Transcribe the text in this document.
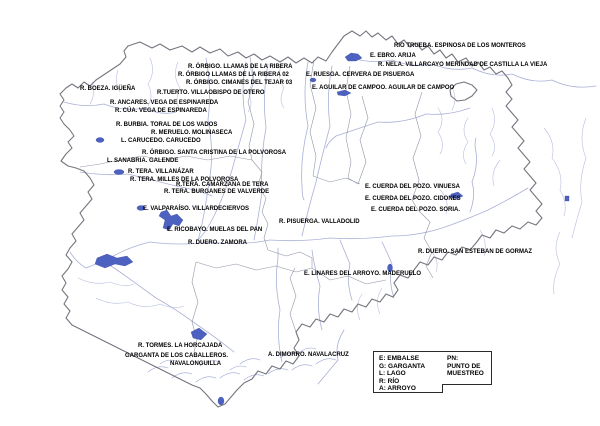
RIO TRUEBA. ESPINOSA DE LOS MONTEROS
E. EBRO. ARIJA
R. NELA. VILLARCAYO MERINDAD DE CASTILLA LA VIEJA
E. RUESGA. CERVERA DE PISUERGA
E. AGUILAR DE CAMPOO. AGUILAR DE CAMPOO
R. ÓRBIGO. LLAMAS DE LA RIBERA
R. ÓRBIGO LLAMAS DE LA RIBERA 02
R. ÓRBIGO. CIMANES DEL TEJAR 03
R. BOEZA. IGÜEÑA
R.TUERTO. VILLAOBISPO DE OTERO
R. ANCARES. VEGA DE ESPINAREDA
R. CÚA. VEGA DE ESPINAREDA
R. BURBIA. TORAL DE LOS VADOS
R. MERUELO. MOLINASECA
L. CARUCEDO. CARUCEDO
R. ÓRBIGO. SANTA CRISTINA DE LA POLVOROSA
L. SANABRIA. GALENDE
R. TERA. VILLANÁZAR
R. TERA. MILLES DE LA POLVOROSA
R.TERA. CAMARZANA DE TERA
R. TERA. BURGANES DE VALVERDE
E. VALPARAÍSO. VILLARDECIERVOS
E. RICOBAYO. MUELAS DEL PAN
R. DUERO. ZAMORA
E. CUERDA DEL POZO. VINUESA
E. CUERDA DEL POZO. CIDONES
E. CUERDA DEL POZO. SORIA.
R. PISUERGA. VALLADOLID
R. DUERO. SAN ESTEBAN DE GORMAZ
E. LINARES DEL ARROYO. MADERUELO
R. TORMES. LA HORCAJADA
GARGANTA DE LOS CABALLEROS.
NAVALONGUILLA
A. DIMORRO. NAVALACRUZ	E: EMBALSE
G: GARGANTA
L: LAGO
R: RÍO
A: ARROYO
PN:
PUNTO DE
MUESTREO
